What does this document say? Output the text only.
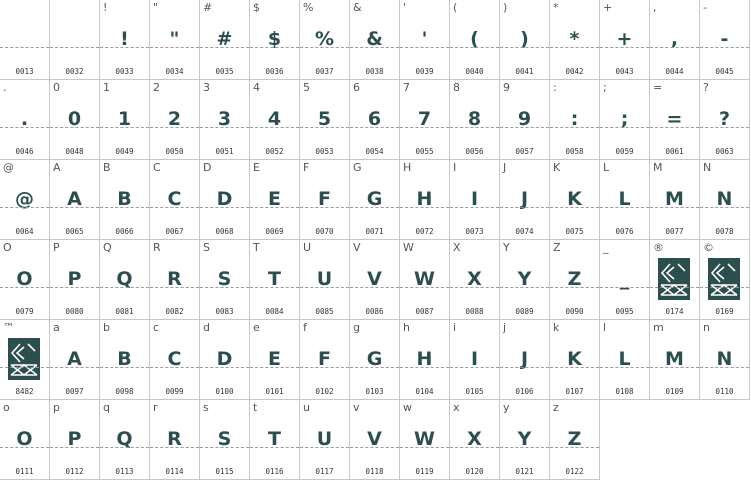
0013	0032
!
!
0033
"
"
0034
#
#
0035
$
$
0036
%
%
0037
&
&
0038
'
'
0039
(
(
0040
)
)
0041
*
*
0042
+
+
0043
,
,
0044
-
-
0045
.
.
0046
0
0
0048
1
1
0049
2
2
0050
3
3
0051
4
4
0052
5
5
0053
6
6
0054
7
7
0055
8
8
0056
9
9
0057
:
:
0058
;
;
0059
=
=
0061
?
?
0063
@
@
0064
A
A
0065
B
B
0066
C
C
0067
D
D
0068
E
E
0069
F
F
0070
G
G
0071
H
H
0072
I
I
0073
J
J
0074
K
K
0075
L
L
0076
M
M
0077
N
N
0078
O
O
0079
P
P
0080
Q
Q
0081
R
R
0082
S
S
0083
T
T
0084
U
U
0085
V
V
0086
W
W
0087
X
X
0088
Y
Y
0089
Z
Z
0090
_
_
0095
®
0174
©
0169
™
8482
a
A
0097
b
B
0098
c
C
0099
d
D
0100
e
E
0101
f
F
0102
g
G
0103
h
H
0104
i
I
0105
j
J
0106
k
K
0107
l
L
0108
m
M
0109
n
N
0110
o
O
0111
p
P
0112
q
Q
0113
r
R
0114
s
S
0115
t
T
0116
u
U
0117
v
V
0118
w
W
0119
x
X
0120
y
Y
0121
z
Z
0122
